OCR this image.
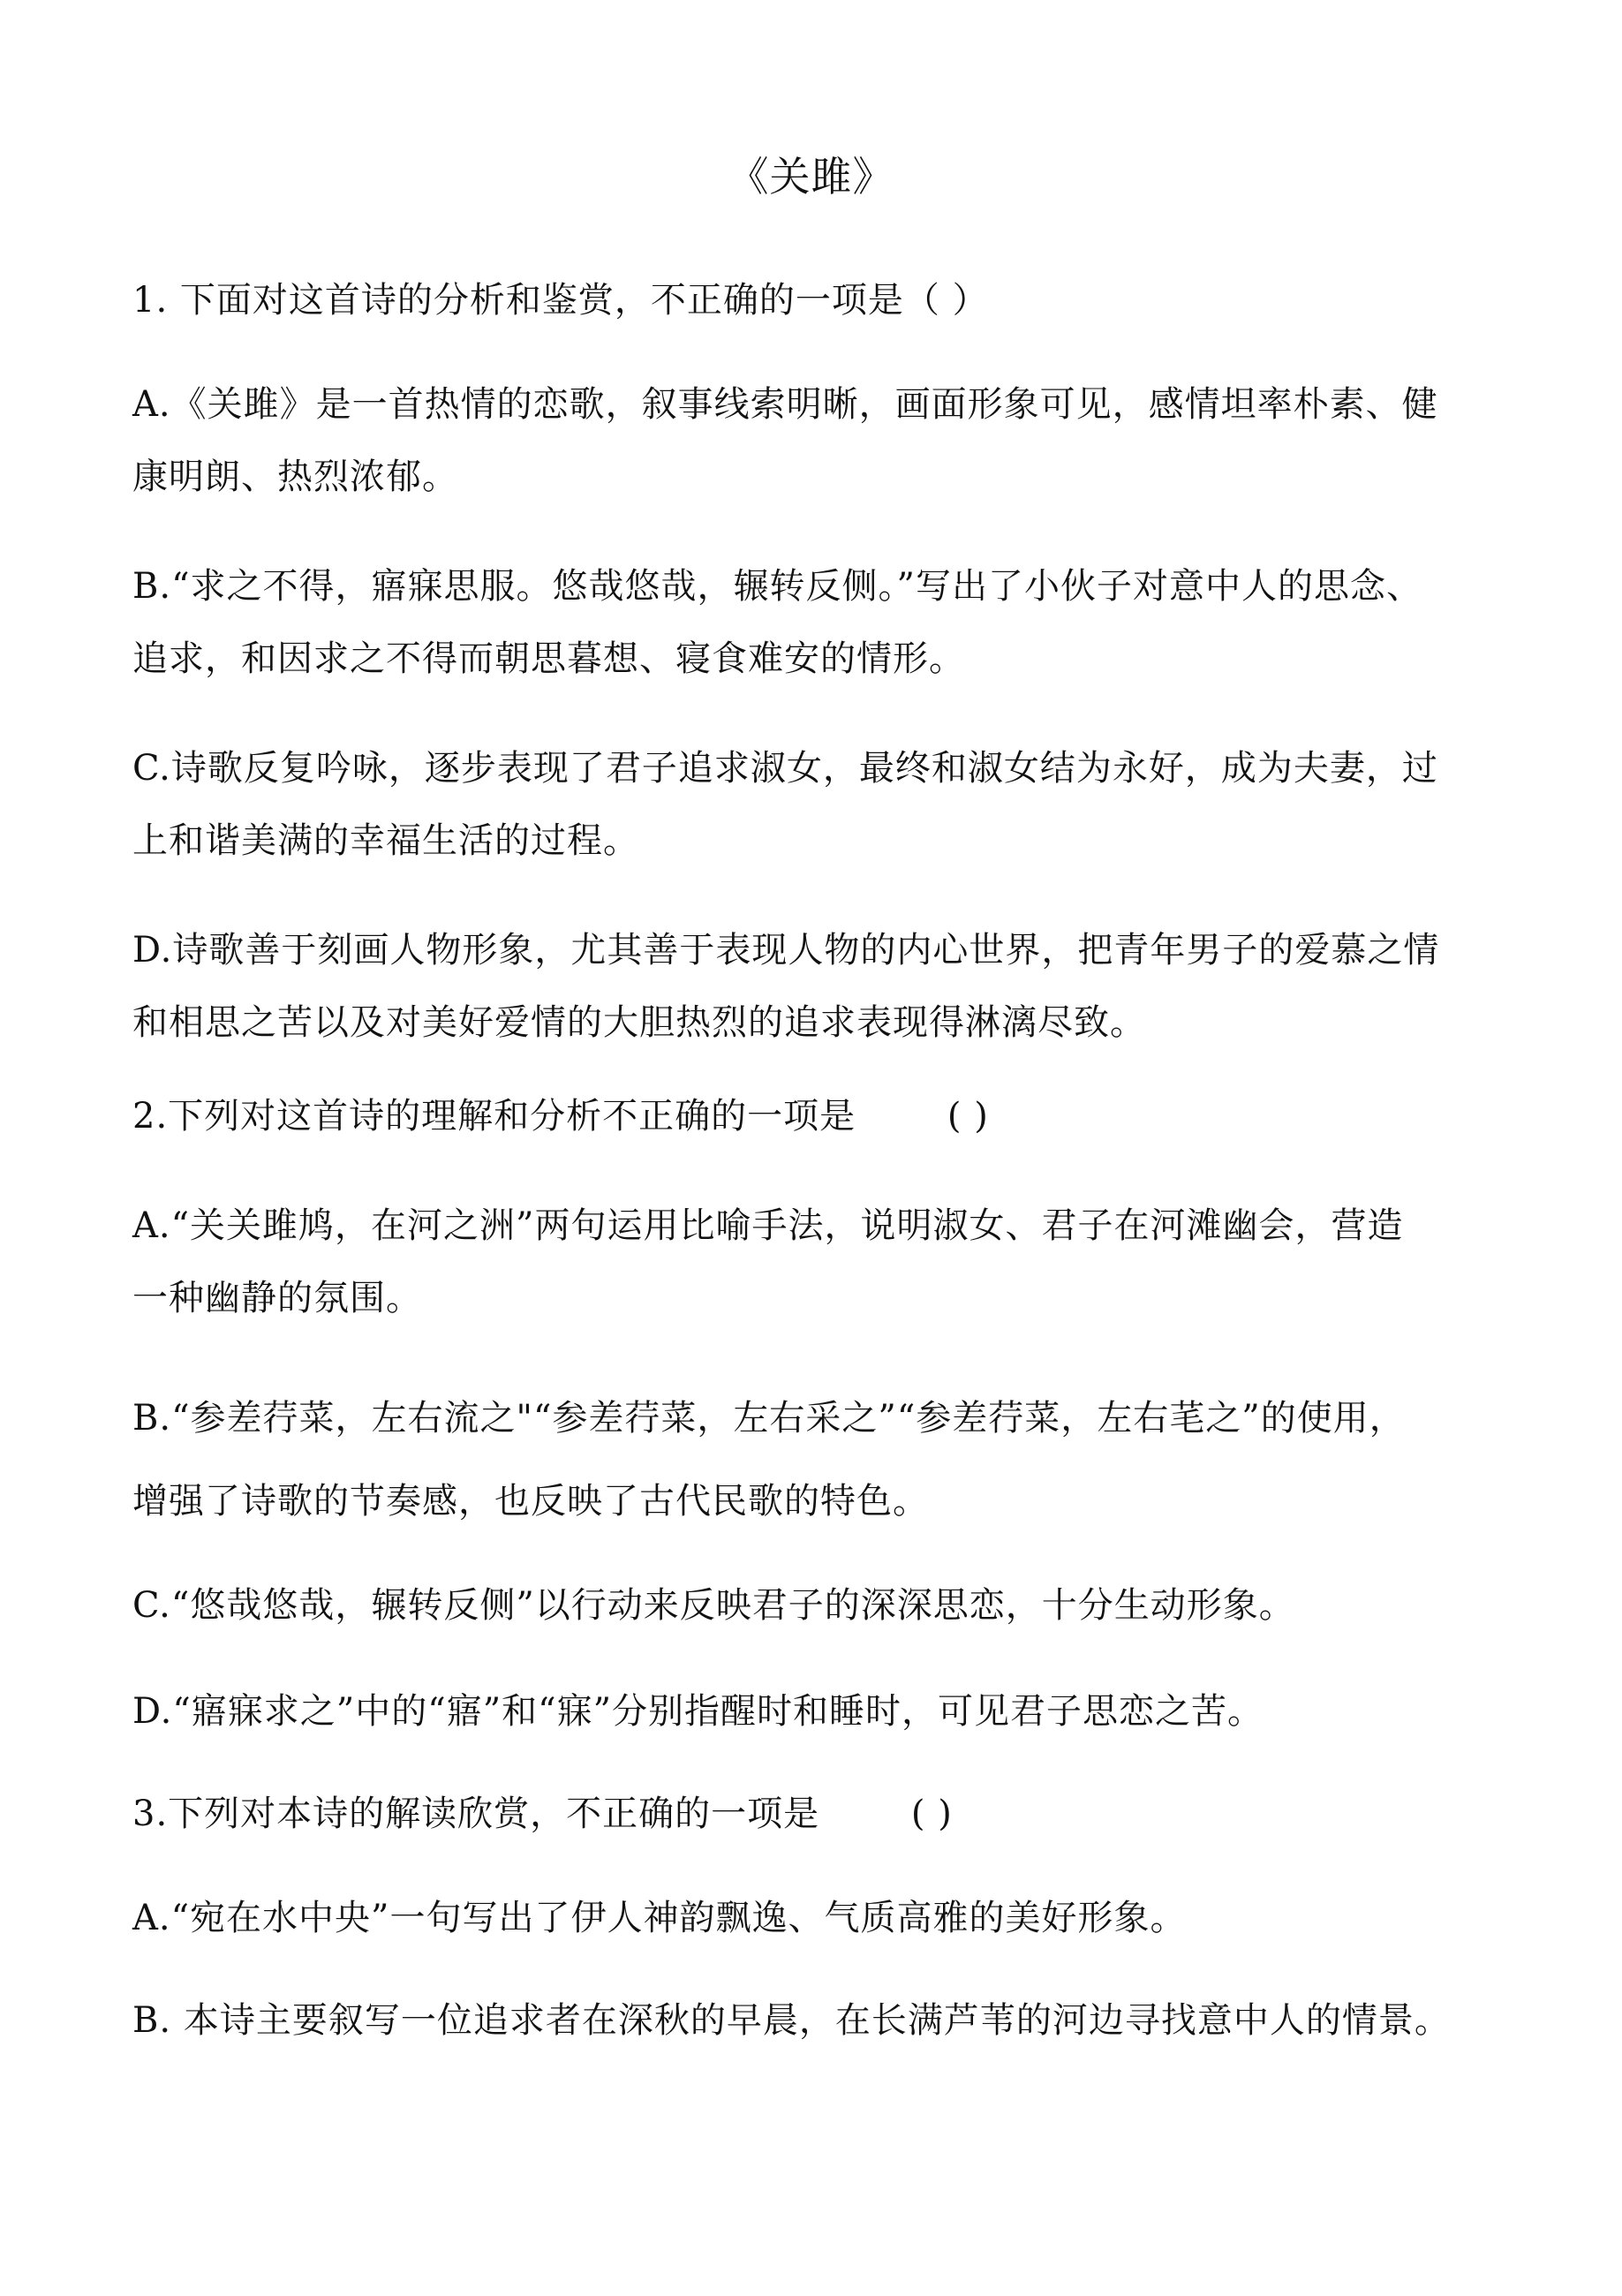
《关雎》
1. 下面对这首诗的分析和鉴赏，不正确的一项是（ ）
A.《关雎》是一首热情的恋歌，叙事线索明晰，画面形象可见，感情坦率朴素、健
康明朗、热烈浓郁。
B.“求之不得，寤寐思服。悠哉悠哉，辗转反侧。”写出了小伙子对意中人的思念、
追求，和因求之不得而朝思暮想、寝食难安的情形。
C.诗歌反复吟咏，逐步表现了君子追求淑女，最终和淑女结为永好，成为夫妻，过
上和谐美满的幸福生活的过程。
D.诗歌善于刻画人物形象，尤其善于表现人物的内心世界，把青年男子的爱慕之情
和相思之苦以及对美好爱情的大胆热烈的追求表现得淋漓尽致。
2.下列对这首诗的理解和分析不正确的一项是	( )
A.“关关雎鸠，在河之洲”两句运用比喻手法，说明淑女、君子在河滩幽会，营造
一种幽静的氛围。
B.“参差荇菜，左右流之"“参差荇菜，左右采之”“参差荇菜，左右芼之”的使用，
增强了诗歌的节奏感，也反映了古代民歌的特色。
C.“悠哉悠哉，辗转反侧”以行动来反映君子的深深思恋，十分生动形象。
D.“寤寐求之”中的“寤”和“寐”分别指醒时和睡时，可见君子思恋之苦。
3.下列对本诗的解读欣赏，不正确的一项是	( )
A.“宛在水中央”一句写出了伊人神韵飘逸、气质高雅的美好形象。
B. 本诗主要叙写一位追求者在深秋的早晨，在长满芦苇的河边寻找意中人的情景。
